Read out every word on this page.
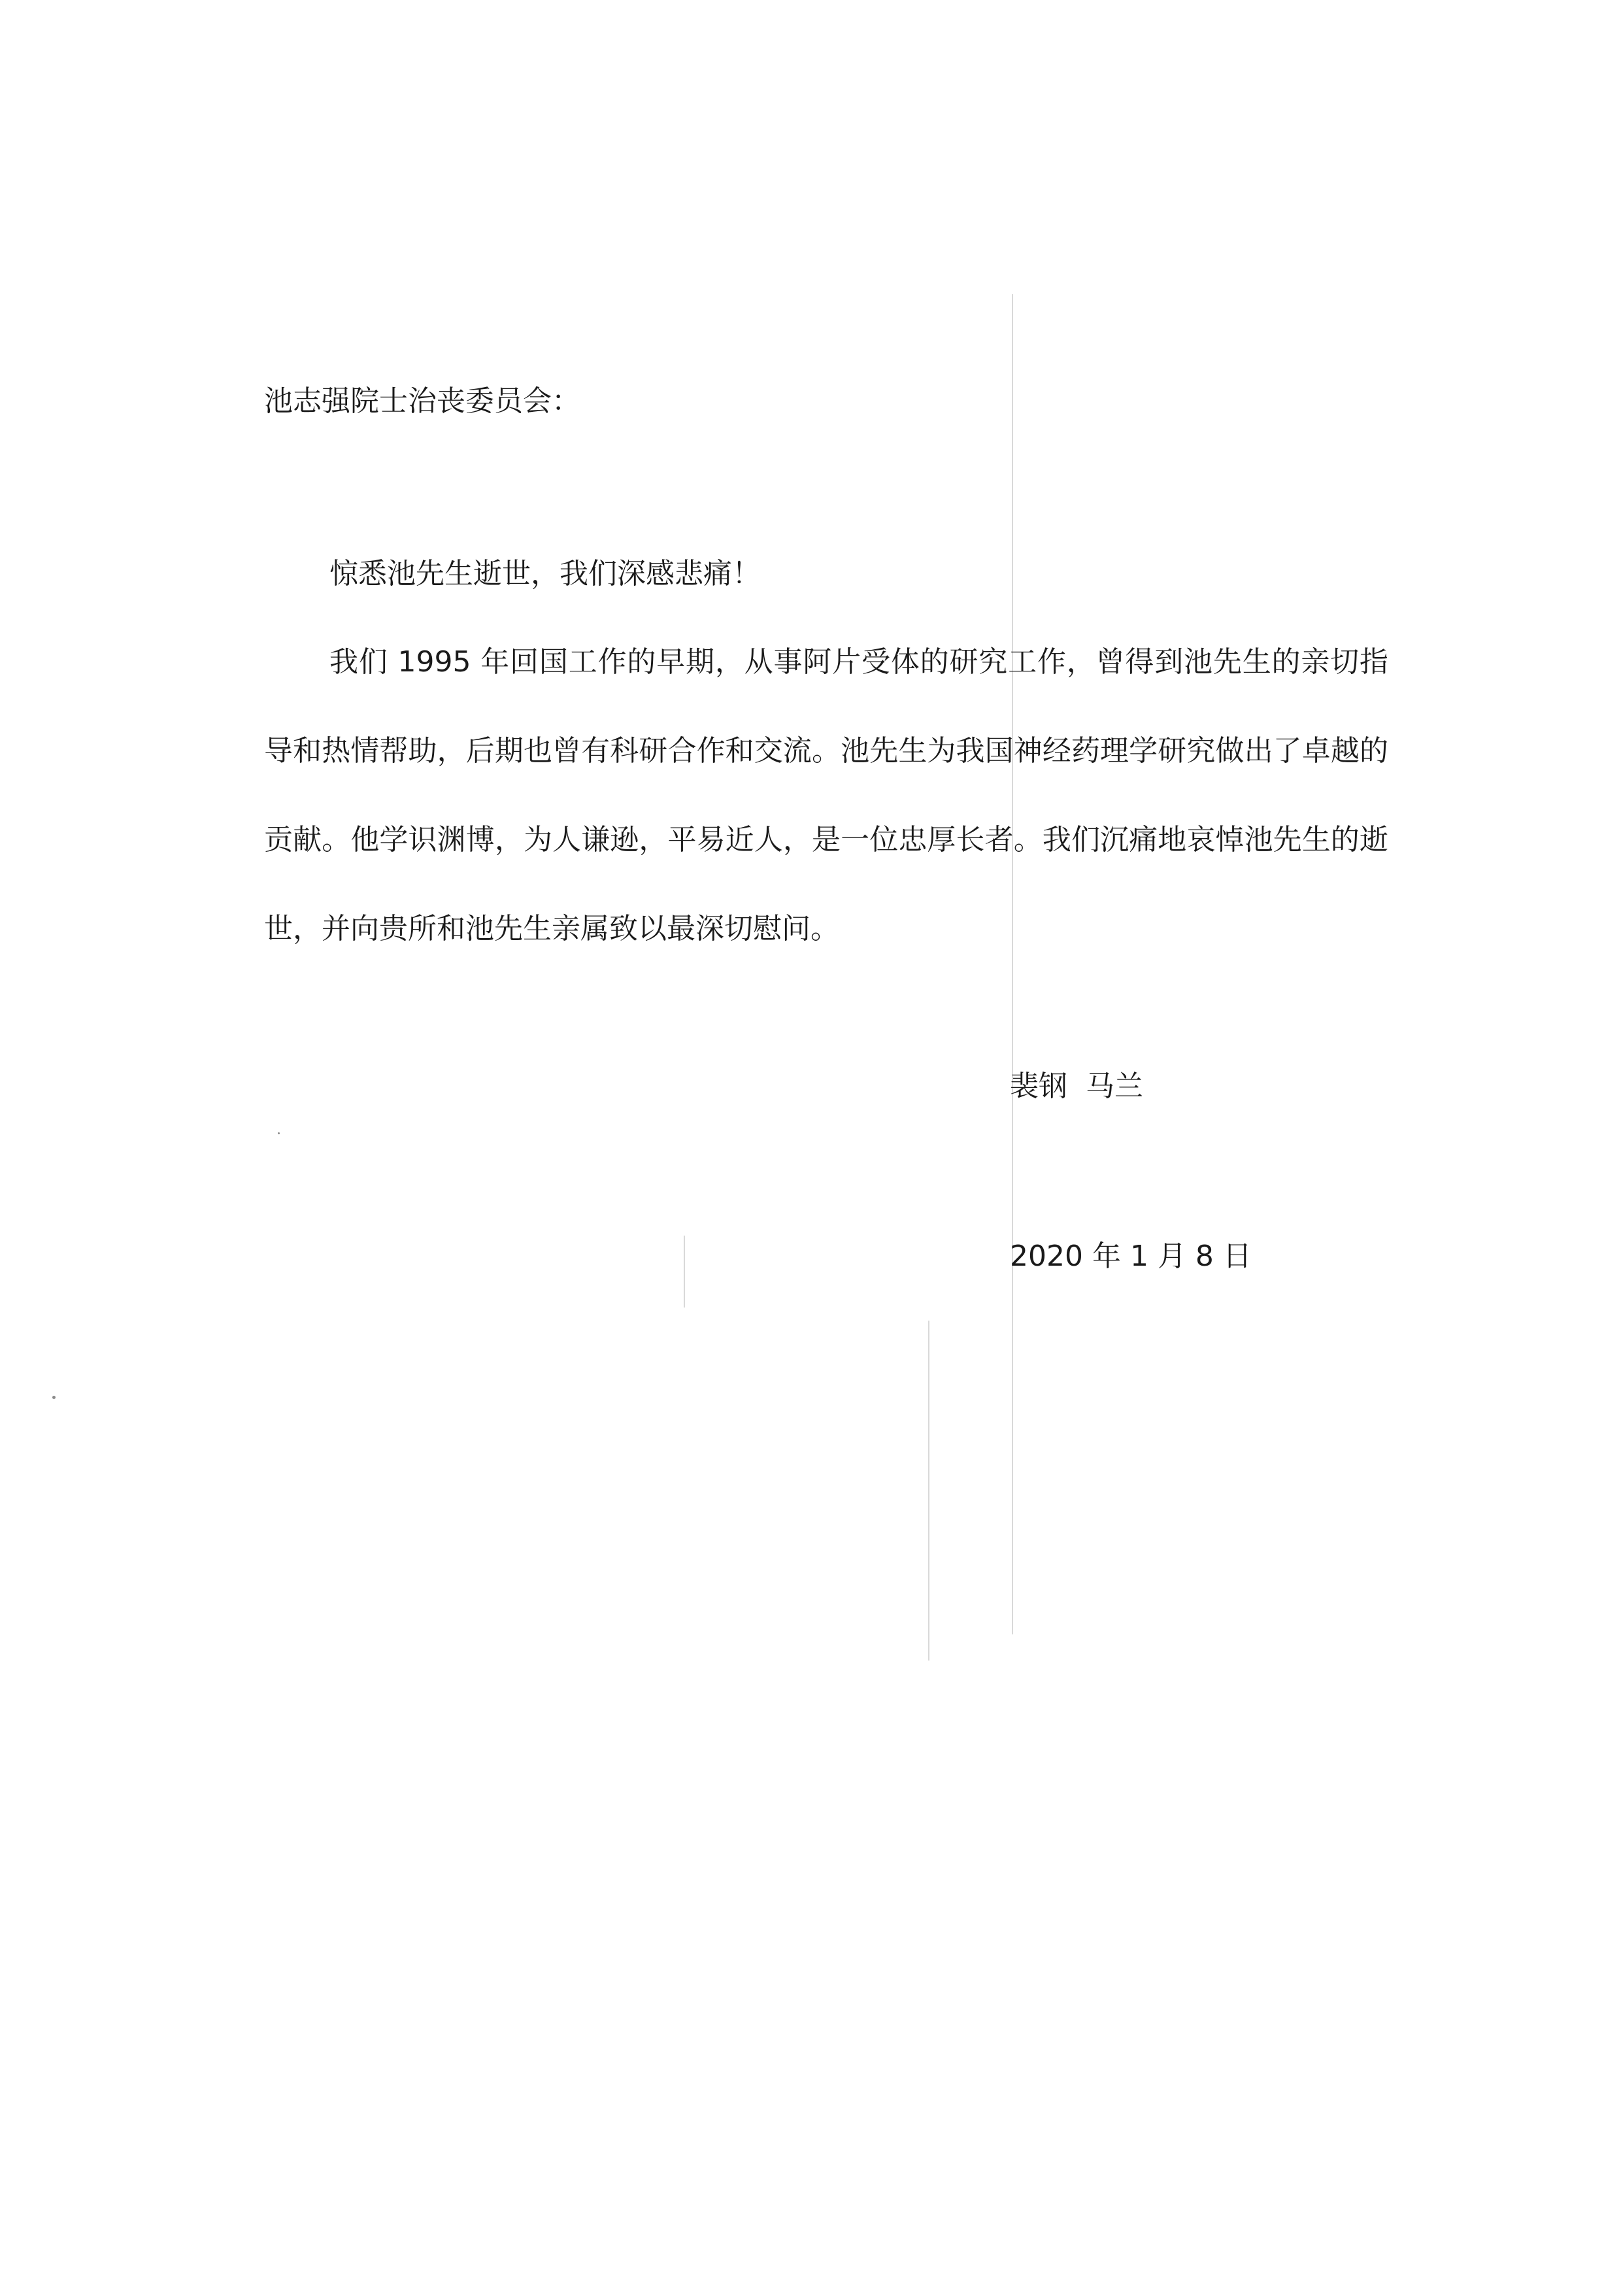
池志强院士治丧委员会：
惊悉池先生逝世，我们深感悲痛！
我们 1995 年回国工作的早期，从事阿片受体的研究工作，曾得到池先生的亲切指导和热情帮助，后期也曾有科研合作和交流。池先生为我国神经药理学研究做出了卓越的贡献。他学识渊博，为人谦逊，平易近人，是一位忠厚长者。我们沉痛地哀悼池先生的逝世，并向贵所和池先生亲属致以最深切慰问。
裴钢  马兰
2020 年 1 月 8 日
